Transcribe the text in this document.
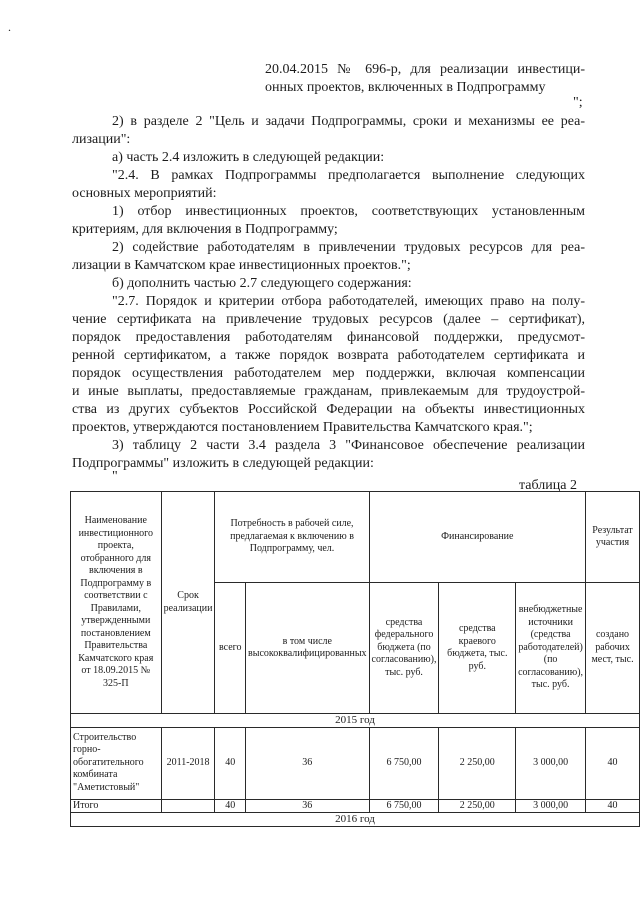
.
20.04.2015 № 696-р, для реализации инвестици-
онных проектов, включенных в Подпрограмму
";
2) в разделе 2 "Цель и задачи Подпрограммы, сроки и механизмы ее реа-
лизации":
а) часть 2.4 изложить в следующей редакции:
"2.4. В рамках Подпрограммы предполагается выполнение следующих
основных мероприятий:
1) отбор инвестиционных проектов, соответствующих установленным
критериям, для включения в Подпрограмму;
2) содействие работодателям в привлечении трудовых ресурсов для реа-
лизации в Камчатском крае инвестиционных проектов.";
б) дополнить частью 2.7 следующего содержания:
"2.7. Порядок и критерии отбора работодателей, имеющих право на полу-
чение сертификата на привлечение трудовых ресурсов (далее – сертификат),
порядок предоставления работодателям финансовой поддержки, предусмот-
ренной сертификатом, а также порядок возврата работодателем сертификата и
порядок осуществления работодателем мер поддержки, включая компенсации
и иные выплаты, предоставляемые гражданам, привлекаемым для трудоустрой-
ства из других субъектов Российской Федерации на объекты инвестиционных
проектов, утверждаются постановлением Правительства Камчатского края.";
3) таблицу 2 части 3.4 раздела 3 "Финансовое обеспечение реализации
Подпрограммы" изложить в следующей редакции:
"
таблица 2
Наименование инвестиционного проекта, отобранного для включения в Подпрограмму в соответствии с Правилами, утвержденными постановлением Правительства Камчатского края от 18.09.2015 № 325-П	Срок реализации	Потребность в рабочей силе, предлагаемая к включению в Подпрограмму, чел.		Финансирование			Результат участия
		всего	в том числе высококвалифицированных	средства федерального бюджета (по согласованию), тыс. руб.	средства краевого бюджета, тыс. руб.	внебюджетные источники (средства работодателей) (по согласованию), тыс. руб.	создано рабочих мест, тыс.
2015 год							
Строительство горно-обогатительного комбината "Аметистовый"	2011-2018	40	36	6 750,00	2 250,00	3 000,00	40
Итого		40	36	6 750,00	2 250,00	3 000,00	40
2016 год							
